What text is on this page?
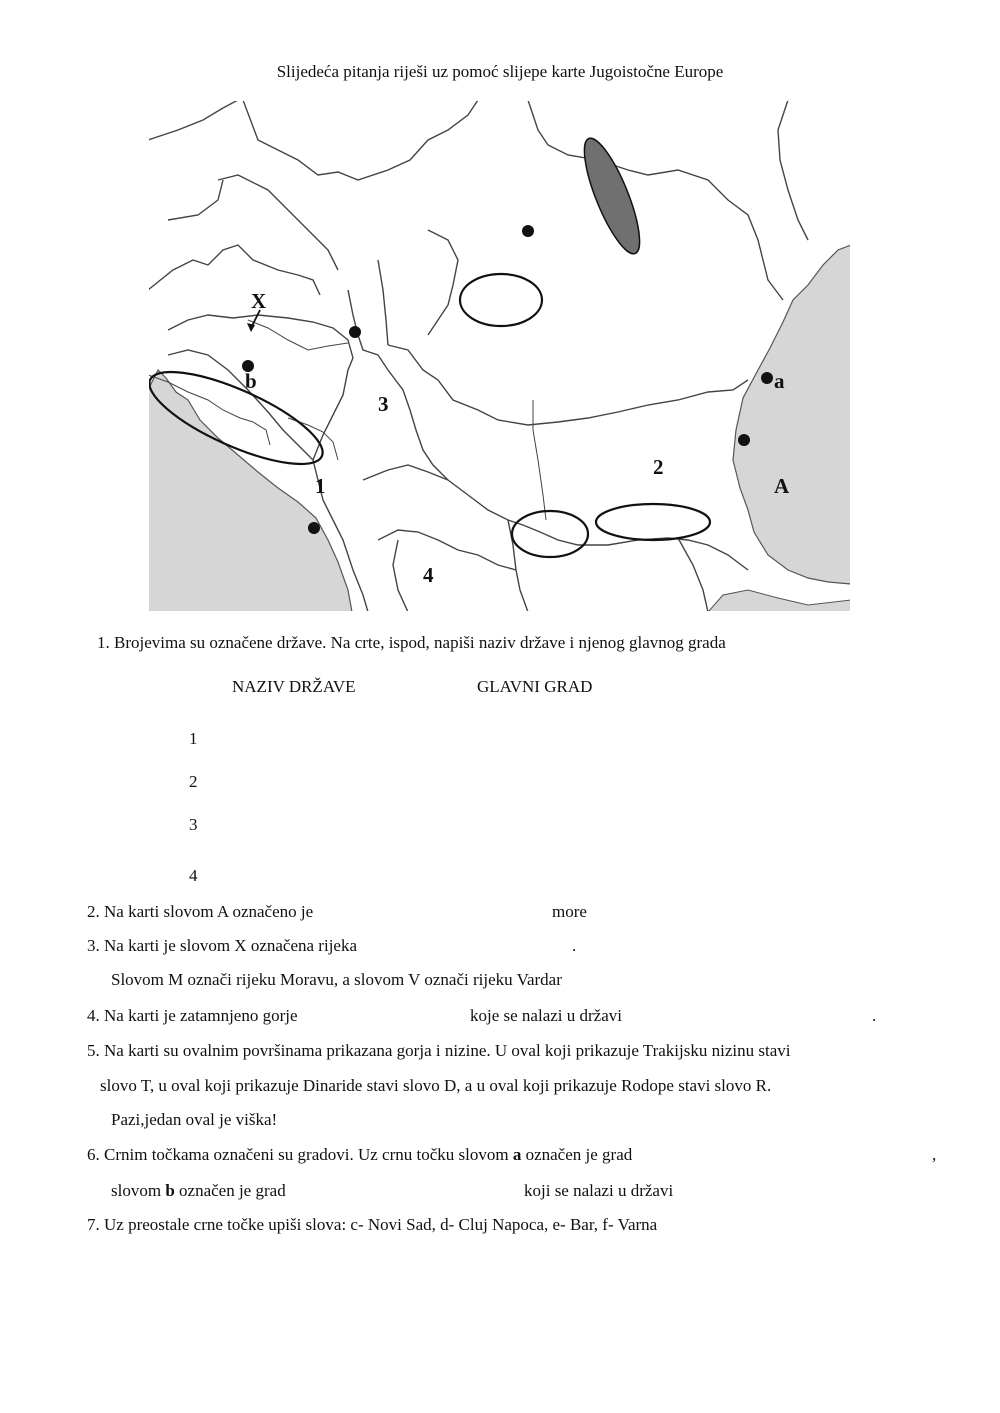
Slijedeća pitanja riješi uz pomoć slijepe karte Jugoistočne Europe
X
b
3
a
2
1	A
4
1. Brojevima su označene države. Na crte, ispod, napiši naziv države i njenog glavnog grada
NAZIV DRŽAVE	GLAVNI GRAD
1
2
3
4
2. Na karti slovom A označeno je	more
3. Na karti je slovom X označena rijeka	.
Slovom M označi rijeku Moravu, a slovom V označi rijeku Vardar
4. Na karti je zatamnjeno gorje	koje se nalazi u državi	.
5. Na karti su ovalnim površinama prikazana gorja i nizine. U oval koji prikazuje Trakijsku nizinu stavi
slovo T, u oval koji prikazuje Dinaride stavi slovo D, a u oval koji prikazuje Rodope stavi slovo R.
Pazi,jedan oval je viška!
6. Crnim točkama označeni su gradovi. Uz crnu točku slovom a označen je grad	,
slovom b označen je grad	koji se nalazi u državi
7. Uz preostale crne točke upiši slova: c- Novi Sad, d- Cluj Napoca, e- Bar, f- Varna
